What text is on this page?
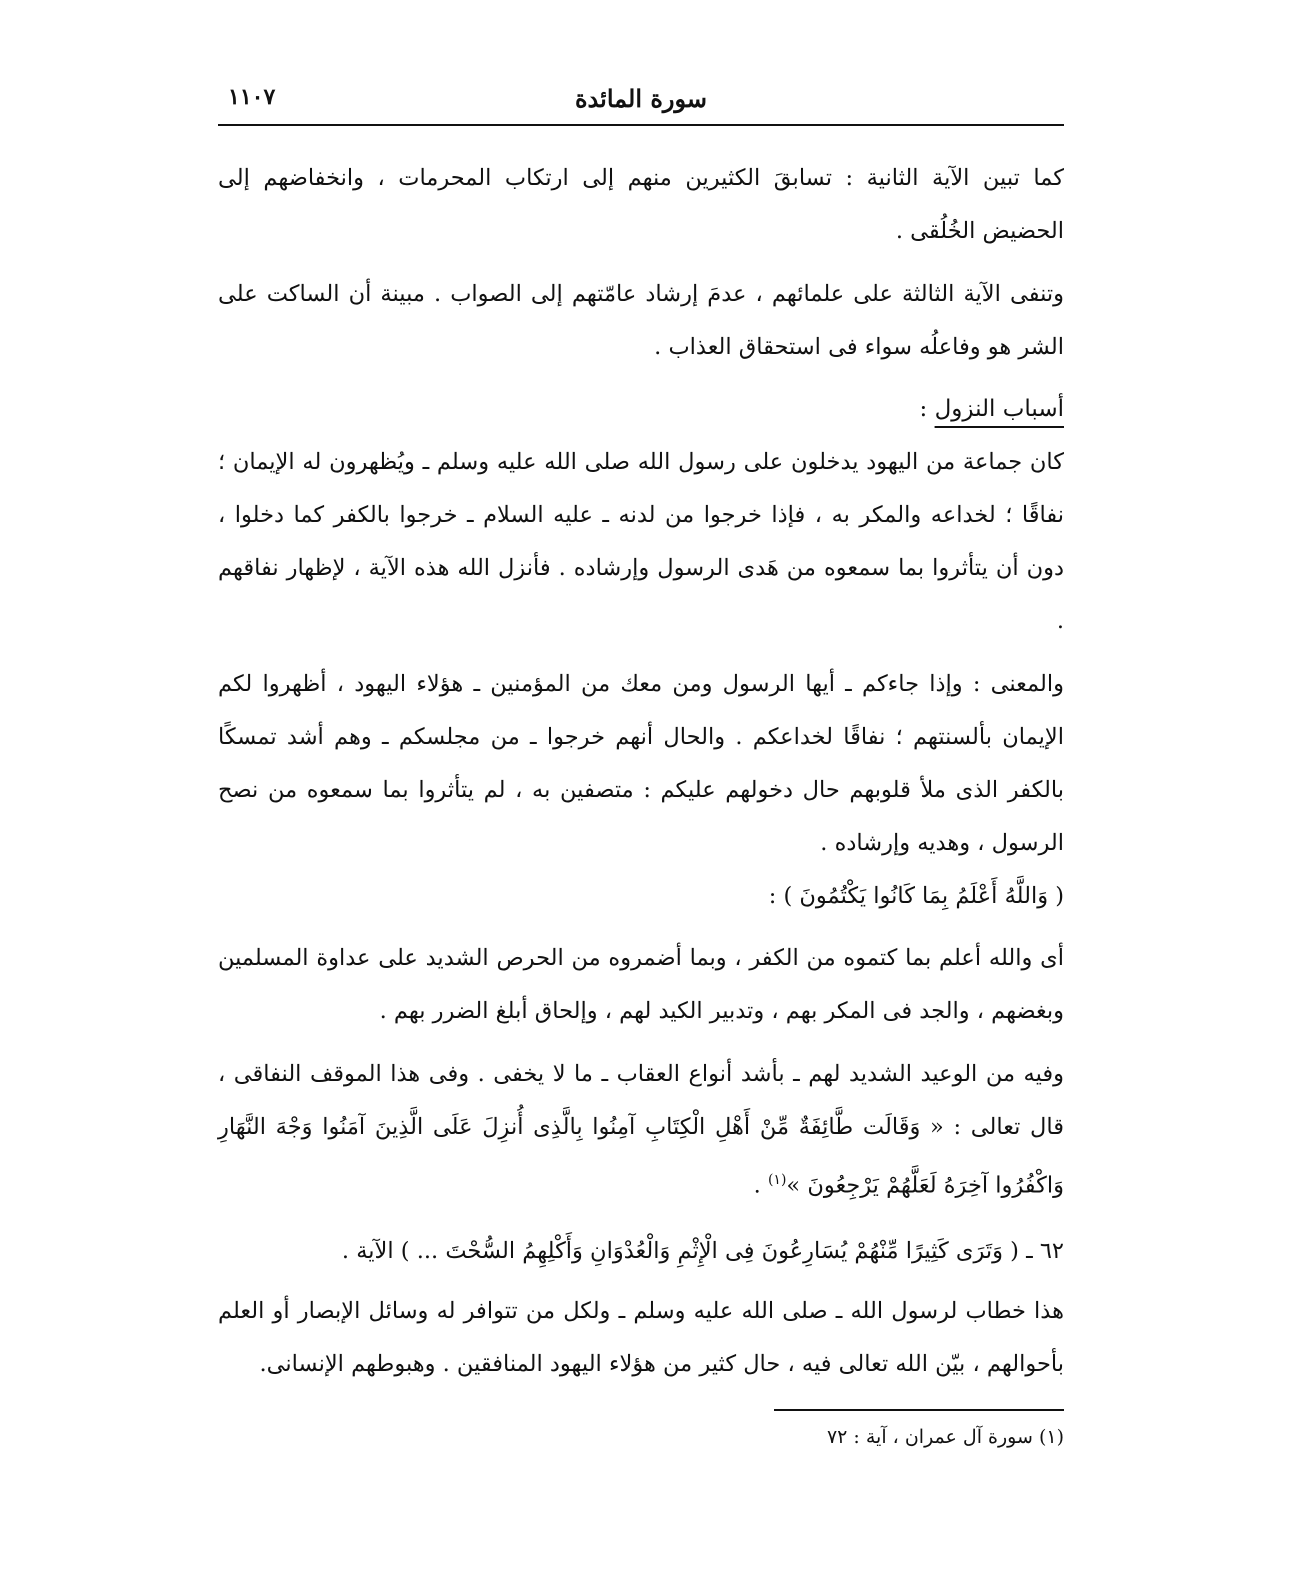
سورة المائدة
١١٠٧

كما تبين الآية الثانية : تسابقَ الكثيرين منهم إلى ارتكاب المحرمات ، وانخفاضهم إلى الحضيض الخُلُقى .

وتنفى الآية الثالثة على علمائهم ، عدمَ إرشاد عامّتهم إلى الصواب . مبينة أن الساكت على الشر هو وفاعلُه سواء فى استحقاق العذاب .

أسباب النزول :

كان جماعة من اليهود يدخلون على رسول الله صلى الله عليه وسلم ـ ويُظهرون له الإيمان ؛ نفاقًا ؛ لخداعه والمكر به ، فإذا خرجوا من لدنه ـ عليه السلام ـ خرجوا بالكفر كما دخلوا ، دون أن يتأثروا بما سمعوه من هَدى الرسول وإرشاده . فأنزل الله هذه الآية ، لإظهار نفاقهم .

والمعنى : وإذا جاءكم ـ أيها الرسول ومن معك من المؤمنين ـ هؤلاء اليهود ، أظهروا لكم الإيمان بألسنتهم ؛ نفاقًا لخداعكم . والحال أنهم خرجوا ـ من مجلسكم ـ وهم أشد تمسكًا بالكفر الذى ملأ قلوبهم حال دخولهم عليكم : متصفين به ، لم يتأثروا بما سمعوه من نصح الرسول ، وهديه وإرشاده .

( وَاللَّهُ أَعْلَمُ بِمَا كَانُوا يَكْتُمُونَ ) :

أى والله أعلم بما كتموه من الكفر ، وبما أضمروه من الحرص الشديد على عداوة المسلمين وبغضهم ، والجد فى المكر بهم ، وتدبير الكيد لهم ، وإلحاق أبلغ الضرر بهم .

وفيه من الوعيد الشديد لهم ـ بأشد أنواع العقاب ـ ما لا يخفى . وفى هذا الموقف النفاقى ، قال تعالى : « وَقَالَت طَّائِفَةٌ مِّنْ أَهْلِ الْكِتَابِ آمِنُوا بِالَّذِى أُنزِلَ عَلَى الَّذِينَ آمَنُوا وَجْهَ النَّهَارِ وَاكْفُرُوا آخِرَهُ لَعَلَّهُمْ يَرْجِعُونَ »$^{(١)}$ .

٦٢ ـ ( وَتَرَى كَثِيرًا مِّنْهُمْ يُسَارِعُونَ فِى الْإِثْمِ وَالْعُدْوَانِ وَأَكْلِهِمُ السُّحْتَ ... ) الآية .

هذا خطاب لرسول الله ـ صلى الله عليه وسلم ـ ولكل من تتوافر له وسائل الإبصار أو العلم بأحوالهم ، بيّن الله تعالى فيه ، حال كثير من هؤلاء اليهود المنافقين . وهبوطهم الإنسانى.

(١) سورة آل عمران ، آية : ٧٢
